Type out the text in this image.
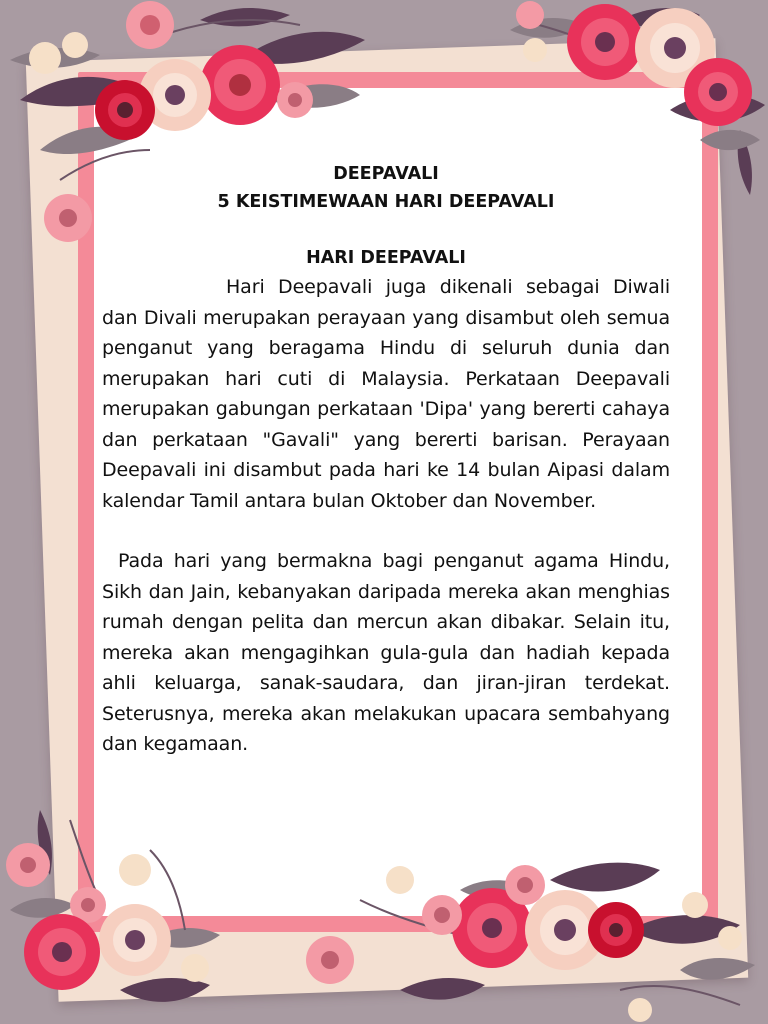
DEEPAVALI

5 KEISTIMEWAAN HARI DEEPAVALI

HARI DEEPAVALI

Hari Deepavali juga dikenali sebagai Diwali dan Divali merupakan perayaan yang disambut oleh semua penganut yang beragama Hindu di seluruh dunia dan merupakan hari cuti di Malaysia. Perkataan Deepavali merupakan gabungan perkataan 'Dipa' yang bererti cahaya dan perkataan "Gavali" yang bererti barisan. Perayaan Deepavali ini disambut pada hari ke 14 bulan Aipasi dalam kalendar Tamil antara bulan Oktober dan November.

Pada hari yang bermakna bagi penganut agama Hindu, Sikh dan Jain, kebanyakan daripada mereka akan menghias rumah dengan pelita dan mercun akan dibakar. Selain itu, mereka akan mengagihkan gula-gula dan hadiah kepada ahli keluarga, sanak-saudara, dan jiran-jiran terdekat. Seterusnya, mereka akan melakukan upacara sembahyang dan kegamaan.
